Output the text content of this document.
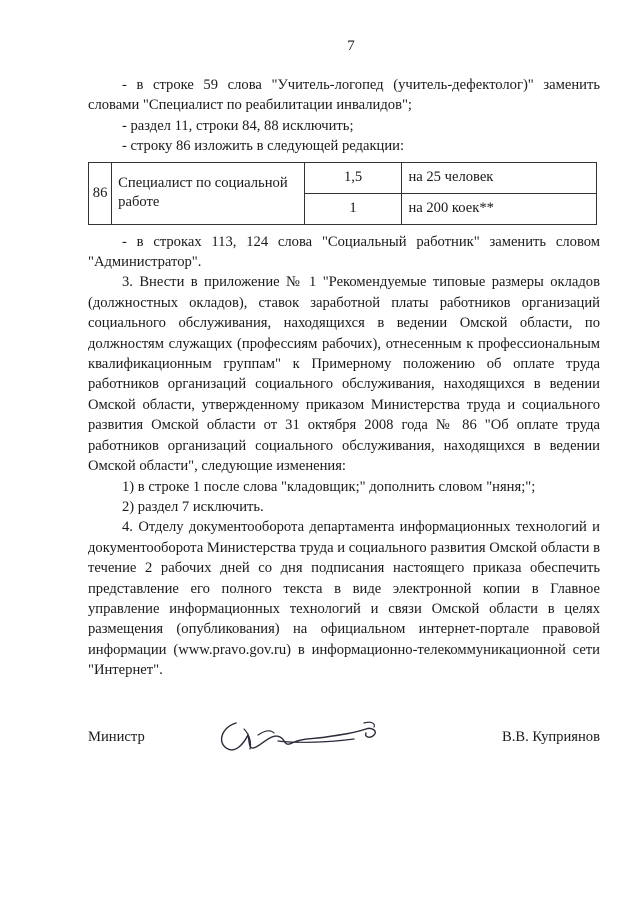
7

- в строке 59 слова "Учитель-логопед (учитель-дефектолог)" заменить словами "Специалист по реабилитации инвалидов";

- раздел 11, строки 84, 88 исключить;

- строку 86 изложить в следующей редакции:

86	Специалист по социальной работе	1,5	на 25 человек
		1	на 200 коек**

- в строках 113, 124 слова "Социальный работник" заменить словом "Администратор".

3. Внести в приложение № 1 "Рекомендуемые типовые размеры окладов (должностных окладов), ставок заработной платы работников организаций социального обслуживания, находящихся в ведении Омской области, по должностям служащих (профессиям рабочих), отнесенным к профессиональным квалификационным группам" к Примерному положению об оплате труда работников организаций социального обслуживания, находящихся в ведении Омской области, утвержденному приказом Министерства труда и социального развития Омской области от 31 октября 2008 года № 86 "Об оплате труда работников организаций социального обслуживания, находящихся в ведении Омской области", следующие изменения:

1) в строке 1 после слова "кладовщик;" дополнить словом "няня;";

2) раздел 7 исключить.

4. Отделу документооборота департамента информационных технологий и документооборота Министерства труда и социального развития Омской области в течение 2 рабочих дней со дня подписания настоящего приказа обеспечить представление его полного текста в виде электронной копии в Главное управление информационных технологий и связи Омской области в целях размещения (опубликования) на официальном интернет-портале правовой информации (www.pravo.gov.ru) в информационно-телекоммуникационной сети "Интернет".

Министр	В.В. Куприянов
